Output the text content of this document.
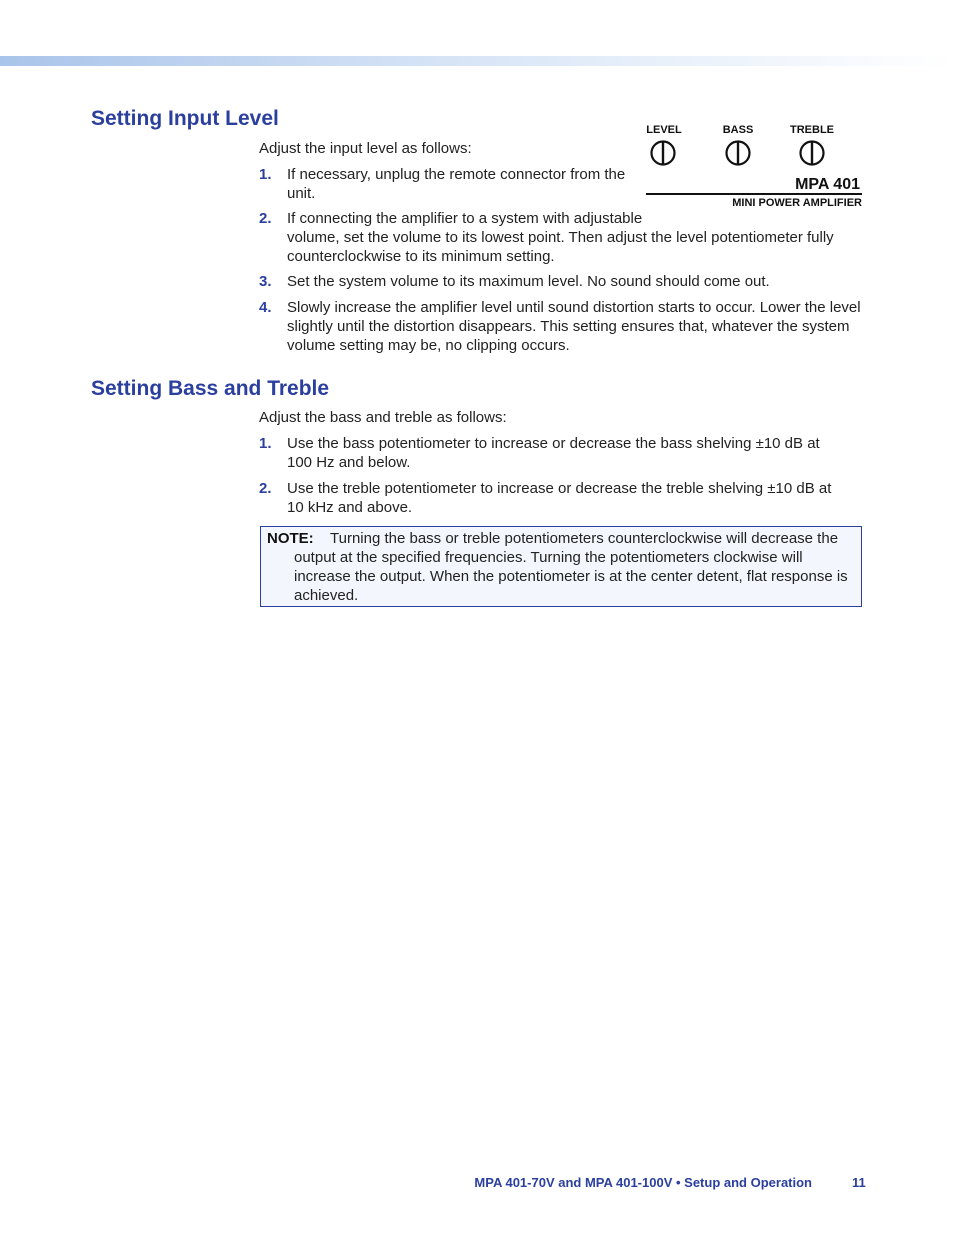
Setting Input Level

Adjust the input level as follows:

1. If necessary, unplug the remote connector from the
unit.
2. If connecting the amplifier to a system with adjustable
volume, set the volume to its lowest point. Then adjust the level potentiometer fully
counterclockwise to its minimum setting.
3. Set the system volume to its maximum level. No sound should come out.
4. Slowly increase the amplifier level until sound distortion starts to occur. Lower the level
slightly until the distortion disappears. This setting ensures that, whatever the system
volume setting may be, no clipping occurs.
LEVEL	BASS	TREBLE
MPA 401
MINI POWER AMPLIFIER
Setting Bass and Treble

Adjust the bass and treble as follows:

1. Use the bass potentiometer to increase or decrease the bass shelving ±10 dB at
100 Hz and below.
2. Use the treble potentiometer to increase or decrease the treble shelving ±10 dB at
10 kHz and above.
NOTE:	Turning the bass or treble potentiometers counterclockwise will decrease the output at the specified frequencies. Turning the potentiometers clockwise will increase the output. When the potentiometer is at the center detent, flat response is achieved.
MPA 401-70V and MPA 401-100V • Setup and Operation	11
